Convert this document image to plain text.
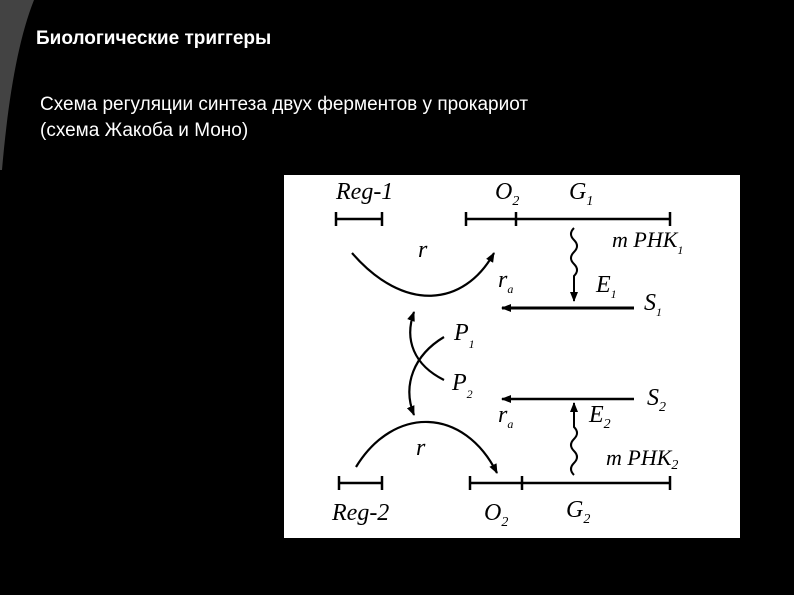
Биологические триггеры
Схема регуляции синтеза двух ферментов у прокариот
(схема Жакоба и Моно)
Reg-1	$O_2$ $G_1$
m $PHK_1$
r
$r_a$	$E_1$ $S_1$
$P_1$
$P_2$
$r_a$	$E_2$
$S_2$
r	m PHK2
Reg-2	$O_2$ $G_2$
